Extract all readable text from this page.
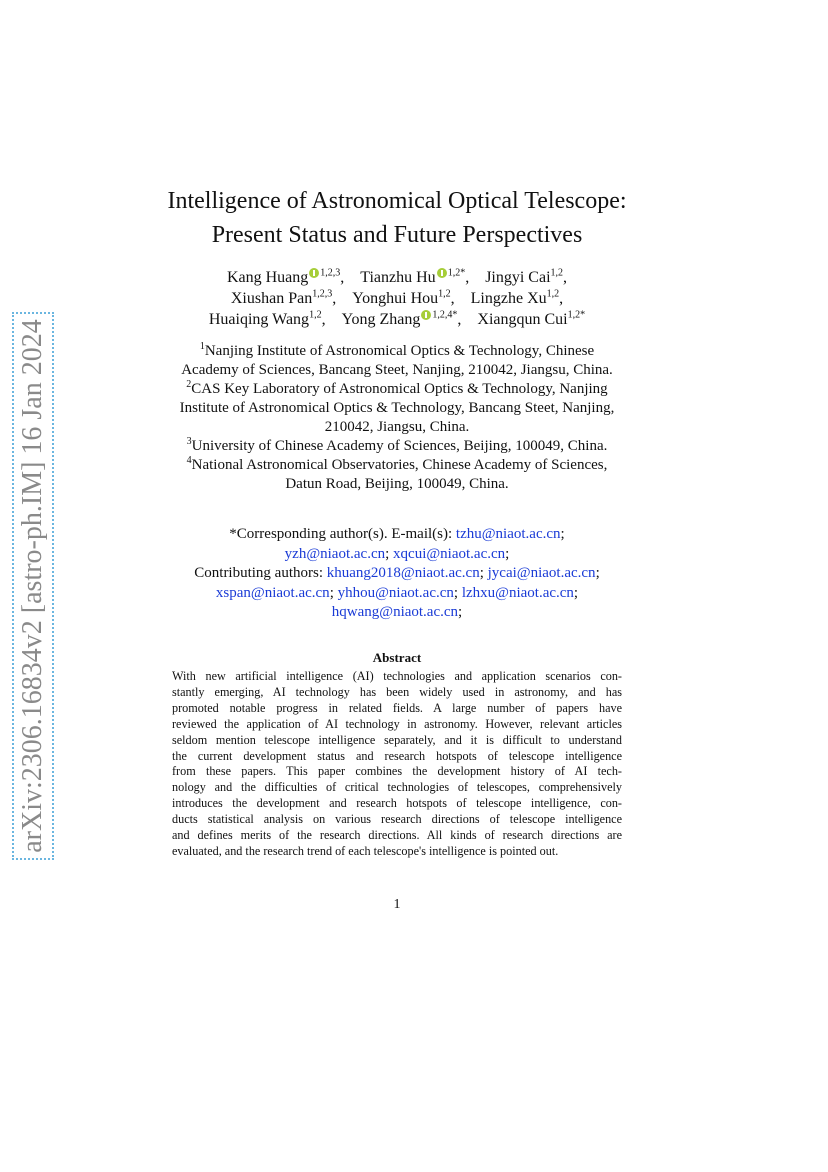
arXiv:2306.16834v2 [astro-ph.IM] 16 Jan 2024
Intelligence of Astronomical Optical Telescope:
Present Status and Future Perspectives
Kang Huang $^{1,2,3}$, Tianzhu Hu $^{1,2*}$, Jingyi Cai$^{1,2}$,
Xiushan Pan$^{1,2,3}$, Yonghui Hou$^{1,2}$, Lingzhe Xu$^{1,2}$,
Huaiqing Wang$^{1,2}$, Yong Zhang $^{1,2,4*}$, Xiangqun Cui$^{1,2*}$
$^1$Nanjing Institute of Astronomical Optics & Technology, Chinese
Academy of Sciences, Bancang Steet, Nanjing, 210042, Jiangsu, China.
$^2$CAS Key Laboratory of Astronomical Optics & Technology, Nanjing
Institute of Astronomical Optics & Technology, Bancang Steet, Nanjing,
210042, Jiangsu, China.
$^3$University of Chinese Academy of Sciences, Beijing, 100049, China.
$^4$National Astronomical Observatories, Chinese Academy of Sciences,
Datun Road, Beijing, 100049, China.
*Corresponding author(s). E-mail(s): tzhu@niaot.ac.cn;
yzh@niaot.ac.cn; xqcui@niaot.ac.cn;
Contributing authors: khuang2018@niaot.ac.cn; jycai@niaot.ac.cn;
xspan@niaot.ac.cn; yhhou@niaot.ac.cn; lzhxu@niaot.ac.cn;
hqwang@niaot.ac.cn;
Abstract
With new artificial intelligence (AI) technologies and application scenarios con-
stantly emerging, AI technology has been widely used in astronomy, and has
promoted notable progress in related fields. A large number of papers have
reviewed the application of AI technology in astronomy. However, relevant articles
seldom mention telescope intelligence separately, and it is difficult to understand
the current development status and research hotspots of telescope intelligence
from these papers. This paper combines the development history of AI tech-
nology and the difficulties of critical technologies of telescopes, comprehensively
introduces the development and research hotspots of telescope intelligence, con-
ducts statistical analysis on various research directions of telescope intelligence
and defines merits of the research directions. All kinds of research directions are
evaluated, and the research trend of each telescope's intelligence is pointed out.
1
